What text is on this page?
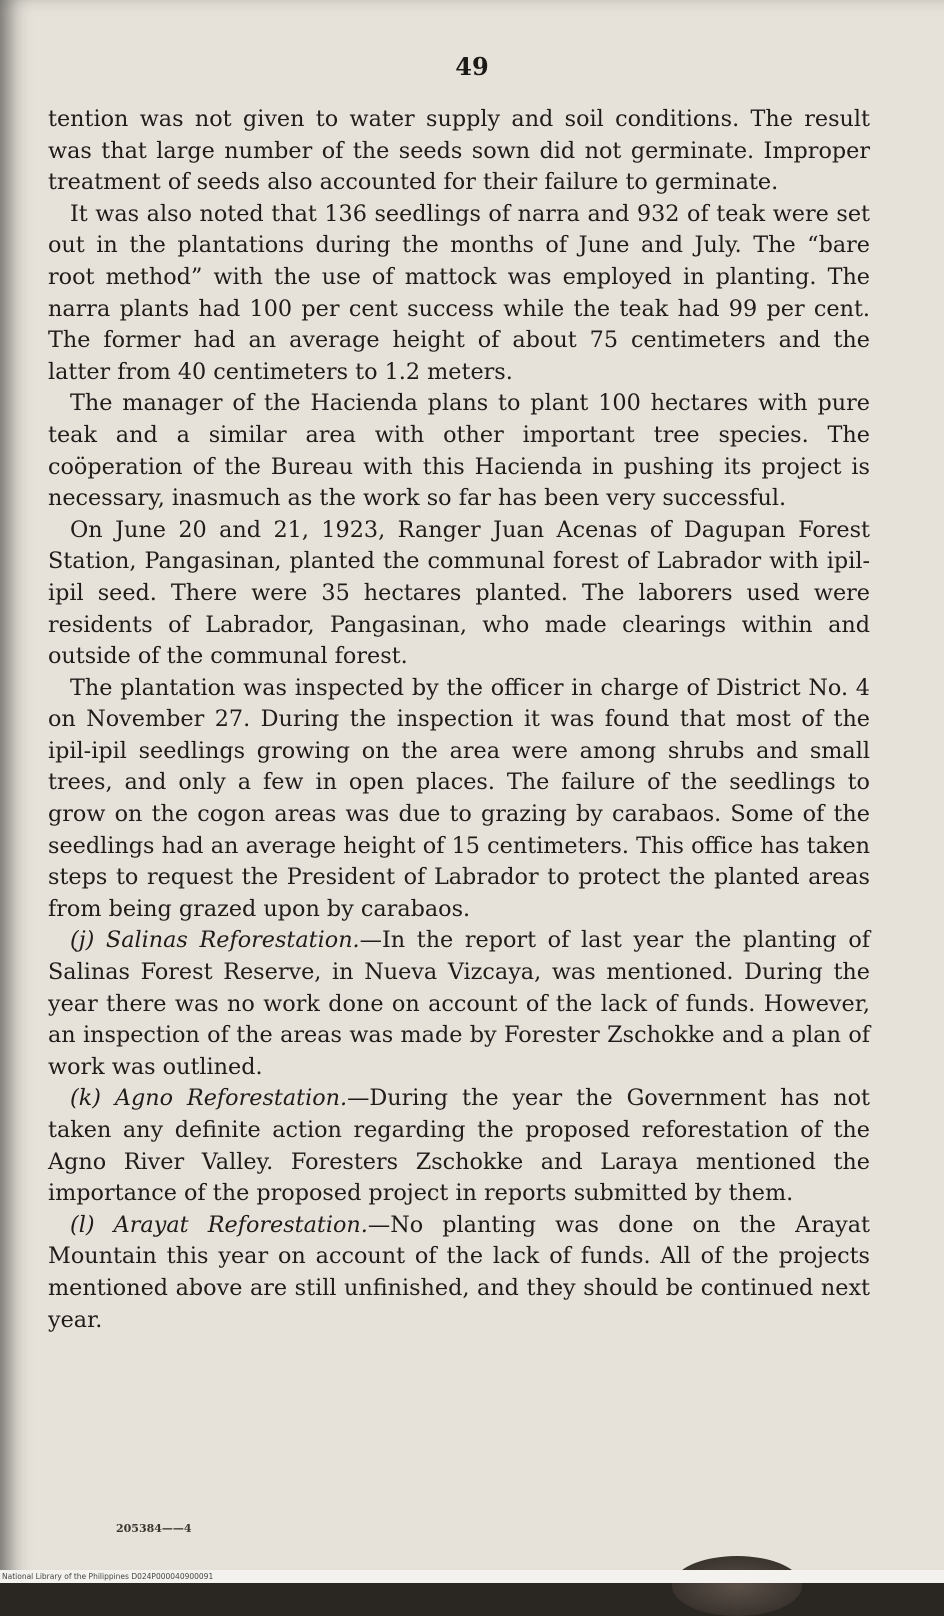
49

tention was not given to water supply and soil conditions. The result was that large number of the seeds sown did not germinate. Improper treatment of seeds also accounted for their failure to germinate.

It was also noted that 136 seedlings of narra and 932 of teak were set out in the plantations during the months of June and July. The “bare root method” with the use of mattock was employed in planting. The narra plants had 100 per cent success while the teak had 99 per cent. The former had an average height of about 75 centimeters and the latter from 40 centimeters to 1.2 meters.

The manager of the Hacienda plans to plant 100 hectares with pure teak and a similar area with other important tree species. The coöperation of the Bureau with this Hacienda in pushing its project is necessary, inasmuch as the work so far has been very successful.

On June 20 and 21, 1923, Ranger Juan Acenas of Dagupan Forest Station, Pangasinan, planted the communal forest of Labrador with ipil-ipil seed. There were 35 hectares planted. The laborers used were residents of Labrador, Pangasinan, who made clearings within and outside of the communal forest.

The plantation was inspected by the officer in charge of District No. 4 on November 27. During the inspection it was found that most of the ipil-ipil seedlings growing on the area were among shrubs and small trees, and only a few in open places. The failure of the seedlings to grow on the cogon areas was due to grazing by carabaos. Some of the seedlings had an average height of 15 centimeters. This office has taken steps to request the President of Labrador to protect the planted areas from being grazed upon by carabaos.

(j) Salinas Reforestation.—In the report of last year the planting of Salinas Forest Reserve, in Nueva Vizcaya, was mentioned. During the year there was no work done on account of the lack of funds. However, an inspection of the areas was made by Forester Zschokke and a plan of work was outlined.

(k) Agno Reforestation.—During the year the Government has not taken any definite action regarding the proposed reforestation of the Agno River Valley. Foresters Zschokke and Laraya mentioned the importance of the proposed project in reports submitted by them.

(l) Arayat Reforestation.—No planting was done on the Arayat Mountain this year on account of the lack of funds. All of the projects mentioned above are still unfinished, and they should be continued next year.

205384——4
National Library of the Philippines D024P000040900091
